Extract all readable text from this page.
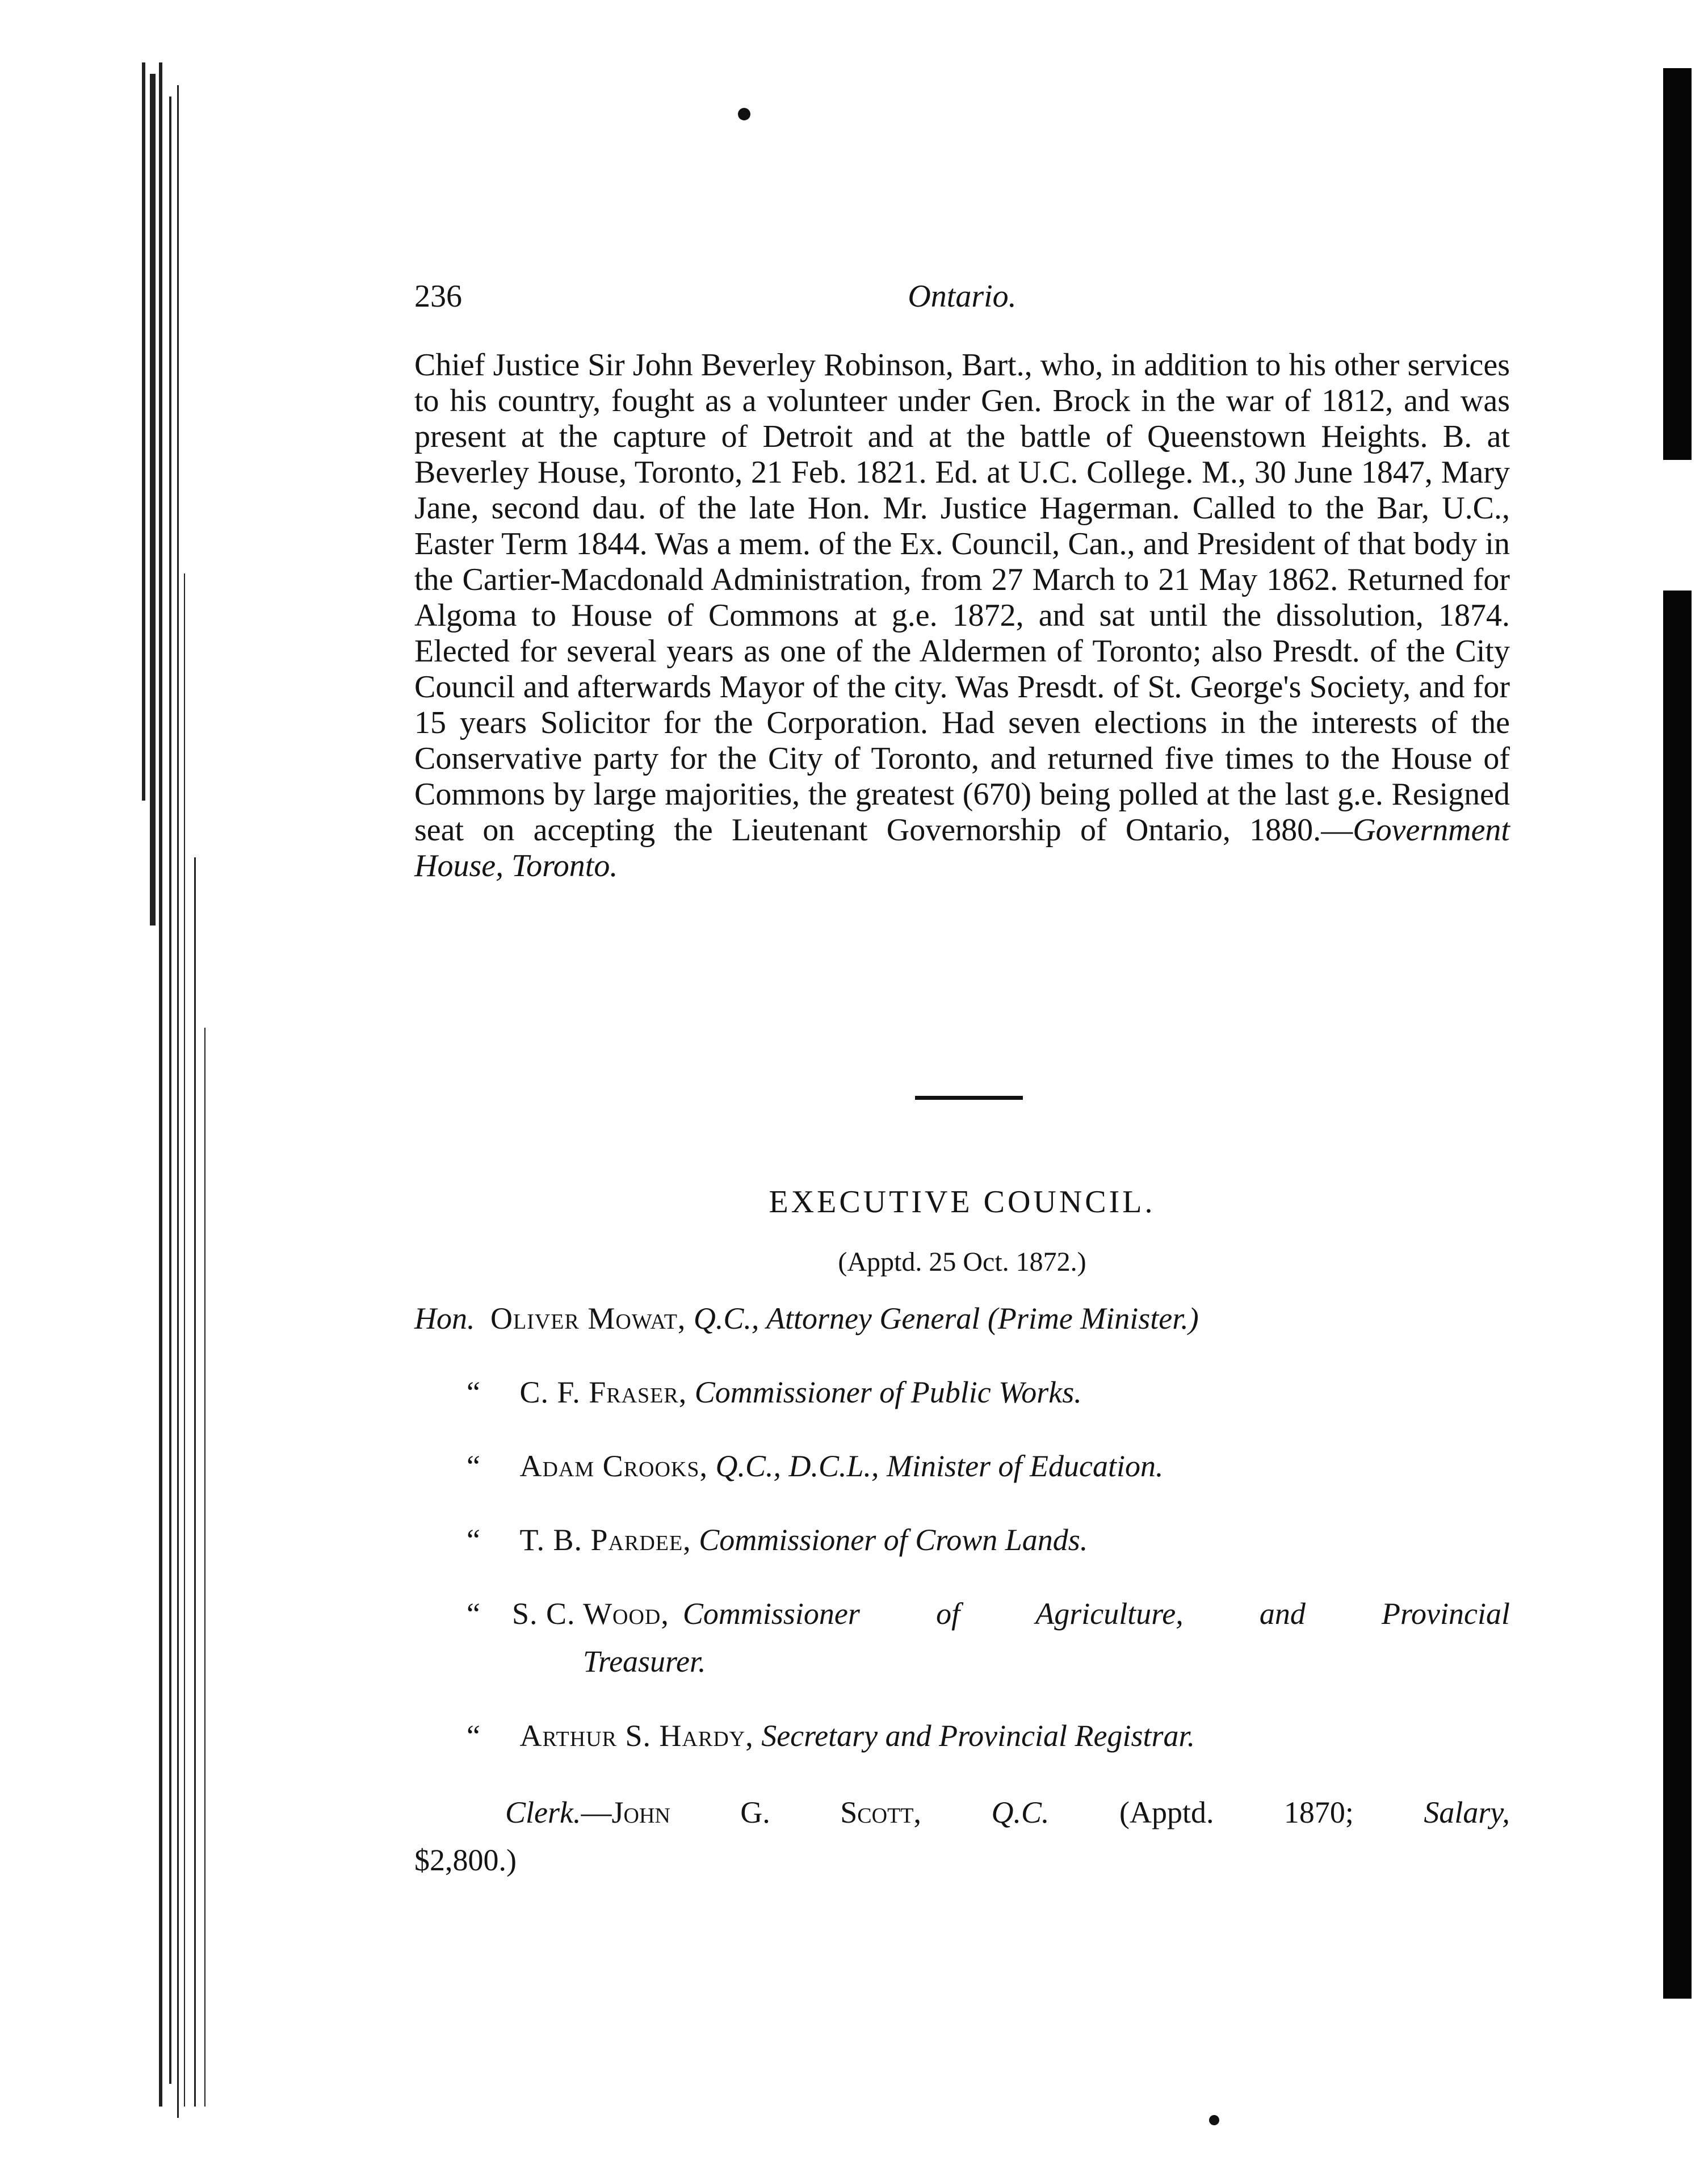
236	Ontario.
Chief Justice Sir John Beverley Robinson, Bart., who, in addition to his other services to his country, fought as a volunteer under Gen. Brock in the war of 1812, and was present at the capture of Detroit and at the battle of Queenstown Heights. B. at Beverley House, Toronto, 21 Feb. 1821. Ed. at U.C. College. M., 30 June 1847, Mary Jane, second dau. of the late Hon. Mr. Justice Hagerman. Called to the Bar, U.C., Easter Term 1844. Was a mem. of the Ex. Council, Can., and President of that body in the Cartier-Macdonald Administration, from 27 March to 21 May 1862. Returned for Algoma to House of Commons at g.e. 1872, and sat until the dissolution, 1874. Elected for several years as one of the Aldermen of Toronto; also Presdt. of the City Council and afterwards Mayor of the city. Was Presdt. of St. George's Society, and for 15 years Solicitor for the Corporation. Had seven elections in the interests of the Conservative party for the City of Toronto, and returned five times to the House of Commons by large majorities, the greatest (670) being polled at the last g.e. Resigned seat on accepting the Lieutenant Governorship of Ontario, 1880.—Government House, Toronto.
EXECUTIVE COUNCIL.
(Apptd. 25 Oct. 1872.)
Hon. Oliver Mowat, Q.C., Attorney General (Prime Minister.)
“ C. F. Fraser, Commissioner of Public Works.
“ Adam Crooks, Q.C., D.C.L., Minister of Education.
“ T. B. Pardee, Commissioner of Crown Lands.
“	S. C. Wood, Commissioner of Agriculture, and Provincial
Treasurer.
“ Arthur S. Hardy, Secretary and Provincial Registrar.
Clerk.—John G. Scott, Q.C. (Apptd. 1870; Salary,
$2,800.)
